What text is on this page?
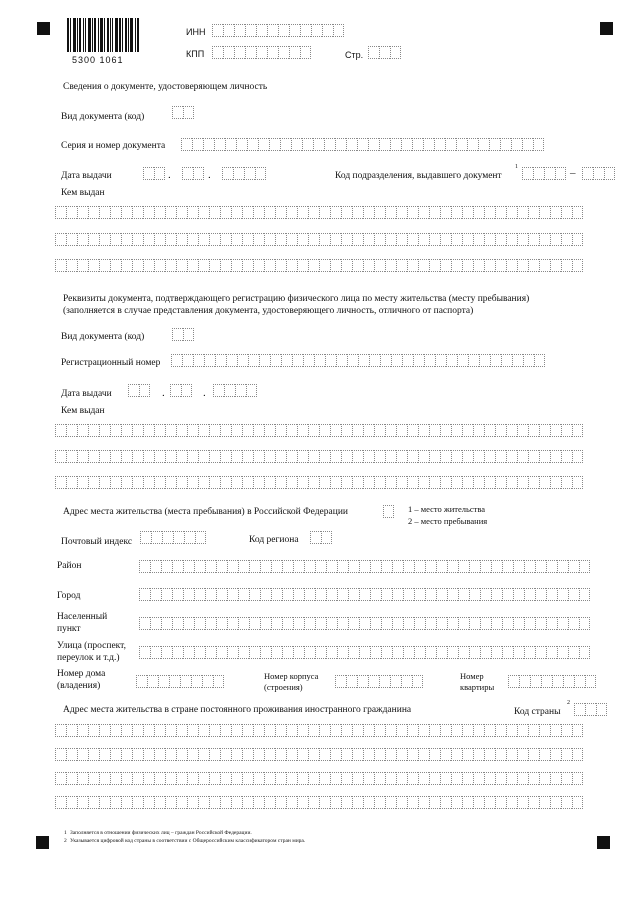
5300 1061
ИНН
КПП	Стр.
Сведения о документе, удостоверяющем личность
Вид документа (код)
Серия и номер документа
Дата выдачи	.	.	Код подразделения, выдавшего документ
1	–
Кем выдан
Реквизиты документа, подтверждающего регистрацию физического лица по месту жительства (месту пребывания)
(заполняется в случае представления документа, удостоверяющего личность, отличного от паспорта)
Вид документа (код)
Регистрационный номер
Дата выдачи	.	.
Кем выдан
Адрес места жительства (места пребывания) в Российской Федерации	1 – место жительства
2 – место пребывания
Почтовый индекс	Код региона
Район
Город
Населенный
пункт
Улица (проспект,
переулок и т.д.)
Номер дома
(владения)
Номер корпуса
(строения)
Номер
квартиры
Адрес места жительства в стране постоянного проживания иностранного гражданина	Код страны
2
1 Заполняется в отношении физических лиц – граждан Российской Федерации.
2 Указывается цифровой код страны в соответствии с Общероссийским классификатором стран мира.
